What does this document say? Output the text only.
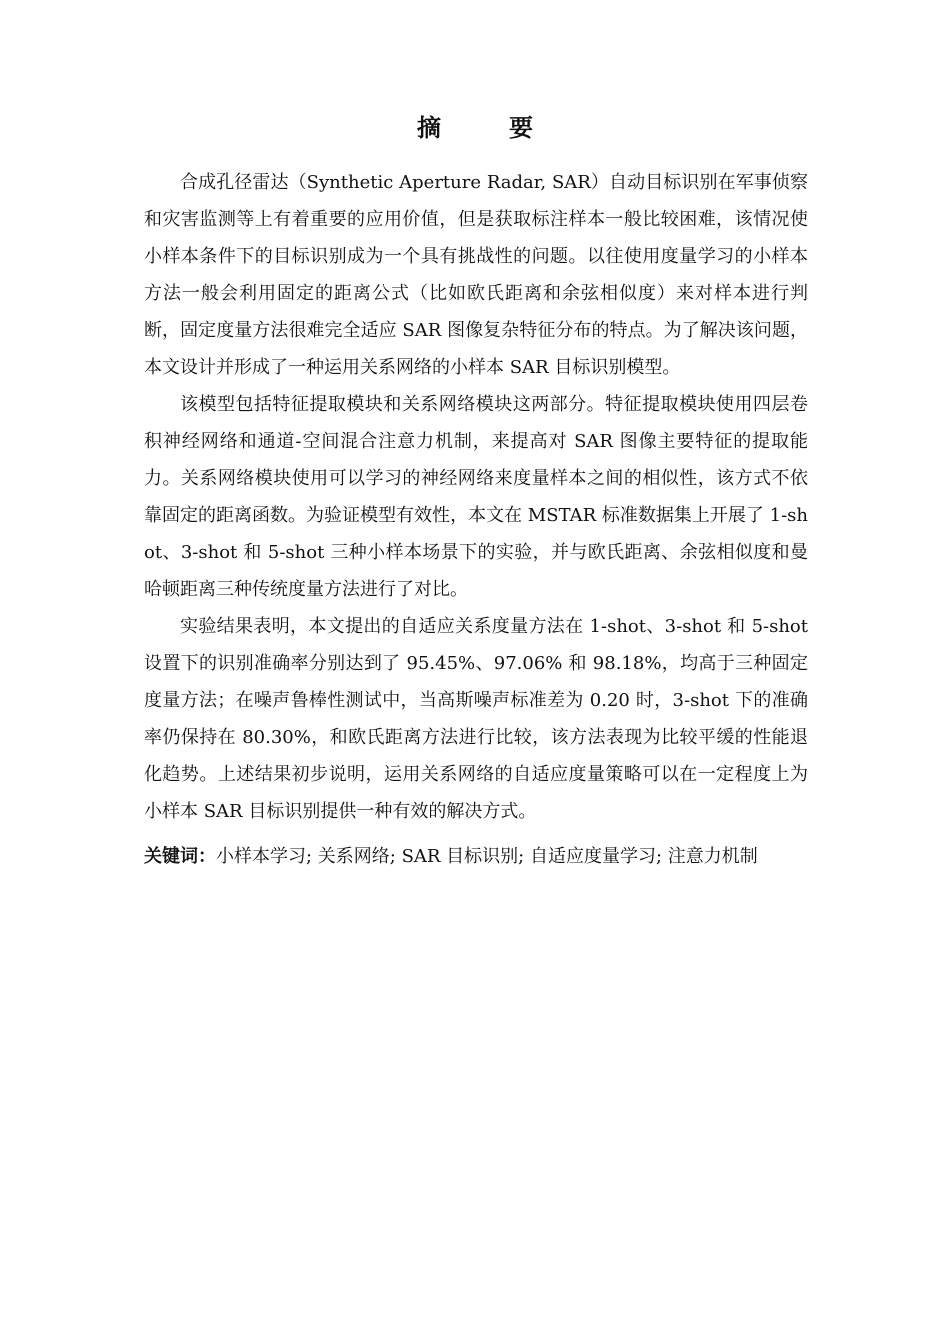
摘　要

合成孔径雷达（Synthetic Aperture Radar, SAR）自动目标识别在军事侦察和灾害监测等上有着重要的应用价值，但是获取标注样本一般比较困难，该情况使小样本条件下的目标识别成为一个具有挑战性的问题。以往使用度量学习的小样本方法一般会利用固定的距离公式（比如欧氏距离和余弦相似度）来对样本进行判断，固定度量方法很难完全适应 SAR 图像复杂特征分布的特点。为了解决该问题，本文设计并形成了一种运用关系网络的小样本 SAR 目标识别模型。

该模型包括特征提取模块和关系网络模块这两部分。特征提取模块使用四层卷积神经网络和通道-空间混合注意力机制，来提高对 SAR 图像主要特征的提取能力。关系网络模块使用可以学习的神经网络来度量样本之间的相似性，该方式不依靠固定的距离函数。为验证模型有效性，本文在 MSTAR 标准数据集上开展了 1-shot、3-shot 和 5-shot 三种小样本场景下的实验，并与欧氏距离、余弦相似度和曼哈顿距离三种传统度量方法进行了对比。

实验结果表明，本文提出的自适应关系度量方法在 1-shot、3-shot 和 5-shot 设置下的识别准确率分别达到了 95.45%、97.06% 和 98.18%，均高于三种固定度量方法；在噪声鲁棒性测试中，当高斯噪声标准差为 0.20 时，3-shot 下的准确率仍保持在 80.30%，和欧氏距离方法进行比较，该方法表现为比较平缓的性能退化趋势。上述结果初步说明，运用关系网络的自适应度量策略可以在一定程度上为小样本 SAR 目标识别提供一种有效的解决方式。

关键词：小样本学习; 关系网络; SAR 目标识别; 自适应度量学习; 注意力机制
